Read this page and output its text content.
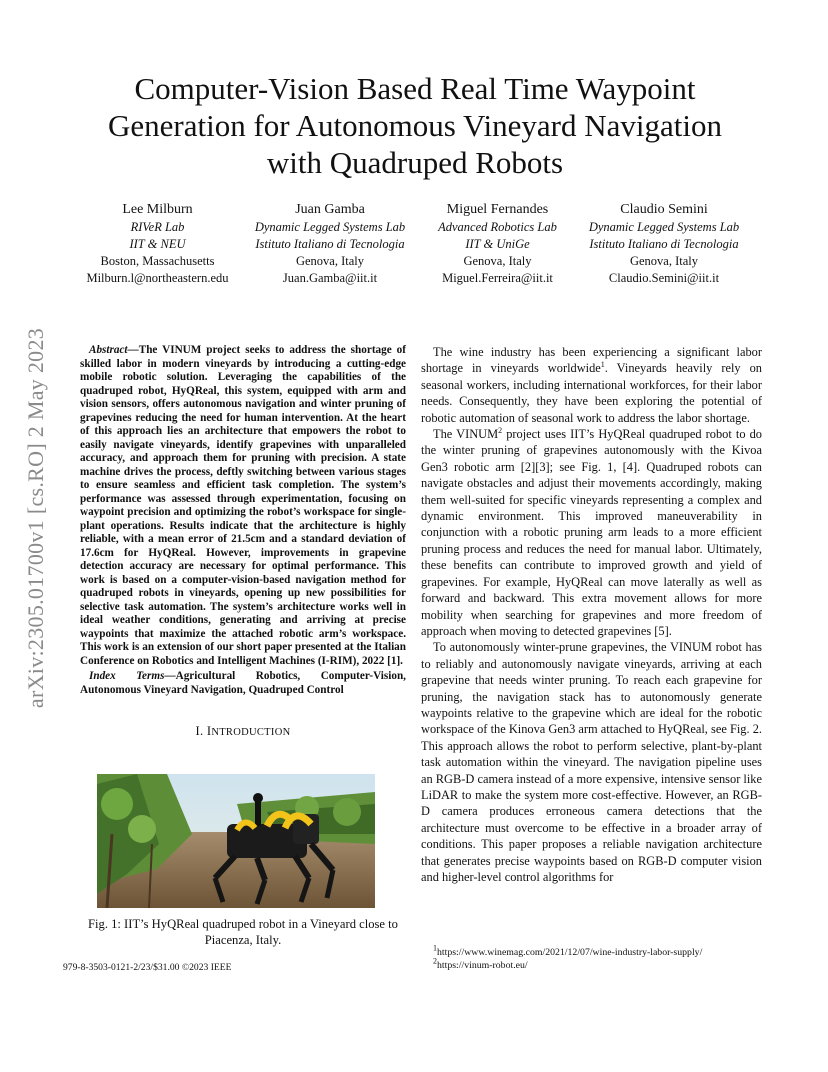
arXiv:2305.01700v1 [cs.RO] 2 May 2023
Computer-Vision Based Real Time Waypoint
Generation for Autonomous Vineyard Navigation
with Quadruped Robots
Lee Milburn
RIVeR Lab
IIT & NEU
Boston, Massachusetts
Milburn.l@northeastern.edu
Juan Gamba
Dynamic Legged Systems Lab
Istituto Italiano di Tecnologia
Genova, Italy
Juan.Gamba@iit.it
Miguel Fernandes
Advanced Robotics Lab
IIT & UniGe
Genova, Italy
Miguel.Ferreira@iit.it
Claudio Semini
Dynamic Legged Systems Lab
Istituto Italiano di Tecnologia
Genova, Italy
Claudio.Semini@iit.it

Abstract—The VINUM project seeks to address the shortage of skilled labor in modern vineyards by introducing a cutting-edge mobile robotic solution. Leveraging the capabilities of the quadruped robot, HyQReal, this system, equipped with arm and vision sensors, offers autonomous navigation and winter pruning of grapevines reducing the need for human intervention. At the heart of this approach lies an architecture that empowers the robot to easily navigate vineyards, identify grapevines with unparalleled accuracy, and approach them for pruning with precision. A state machine drives the process, deftly switching between various stages to ensure seamless and efficient task completion. The system’s performance was assessed through experimentation, focusing on waypoint precision and optimizing the robot’s workspace for single-plant operations. Results indicate that the architecture is highly reliable, with a mean error of 21.5cm and a standard deviation of 17.6cm for HyQReal. However, improvements in grapevine detection accuracy are necessary for optimal performance. This work is based on a computer-vision-based navigation method for quadruped robots in vineyards, opening up new possibilities for selective task automation. The system’s architecture works well in ideal weather conditions, generating and arriving at precise waypoints that maximize the attached robotic arm’s workspace. This work is an extension of our short paper presented at the Italian Conference on Robotics and Intelligent Machines (I-RIM), 2022 [1].

Index Terms—Agricultural Robotics, Computer-Vision, Autonomous Vineyard Navigation, Quadruped Control

I. INTRODUCTION
Fig. 1: IIT’s HyQReal quadruped robot in a Vineyard close to Piacenza, Italy.
979-8-3503-0121-2/23/$31.00 ©2023 IEEE

The wine industry has been experiencing a significant labor shortage in vineyards worldwide$^1$. Vineyards heavily rely on seasonal workers, including international workforces, for their labor needs. Consequently, they have been exploring the potential of robotic automation of seasonal work to address the labor shortage.

The VINUM$^2$ project uses IIT’s HyQReal quadruped robot to do the winter pruning of grapevines autonomously with the Kivoa Gen3 robotic arm [2][3]; see Fig. 1, [4]. Quadruped robots can navigate obstacles and adjust their movements accordingly, making them well-suited for specific vineyards representing a complex and dynamic environment. This improved maneuverability in conjunction with a robotic pruning arm leads to a more efficient pruning process and reduces the need for manual labor. Ultimately, these benefits can contribute to improved growth and yield of grapevines. For example, HyQReal can move laterally as well as forward and backward. This extra movement allows for more mobility when searching for grapevines and more freedom of approach when moving to detected grapevines [5].

To autonomously winter-prune grapevines, the VINUM robot has to reliably and autonomously navigate vineyards, arriving at each grapevine that needs winter pruning. To reach each grapevine for pruning, the navigation stack has to autonomously generate waypoints relative to the grapevine which are ideal for the robotic workspace of the Kinova Gen3 arm attached to HyQReal, see Fig. 2. This approach allows the robot to perform selective, plant-by-plant task automation within the vineyard. The navigation pipeline uses an RGB-D camera instead of a more expensive, intensive sensor like LiDAR to make the system more cost-effective. However, an RGB-D camera produces erroneous camera detections that the architecture must overcome to be effective in a broader array of conditions. This paper proposes a reliable navigation architecture that generates precise waypoints based on RGB-D computer vision and higher-level control algorithms for

$^1$https://www.winemag.com/2021/12/07/wine-industry-labor-supply/
$^2$https://vinum-robot.eu/
